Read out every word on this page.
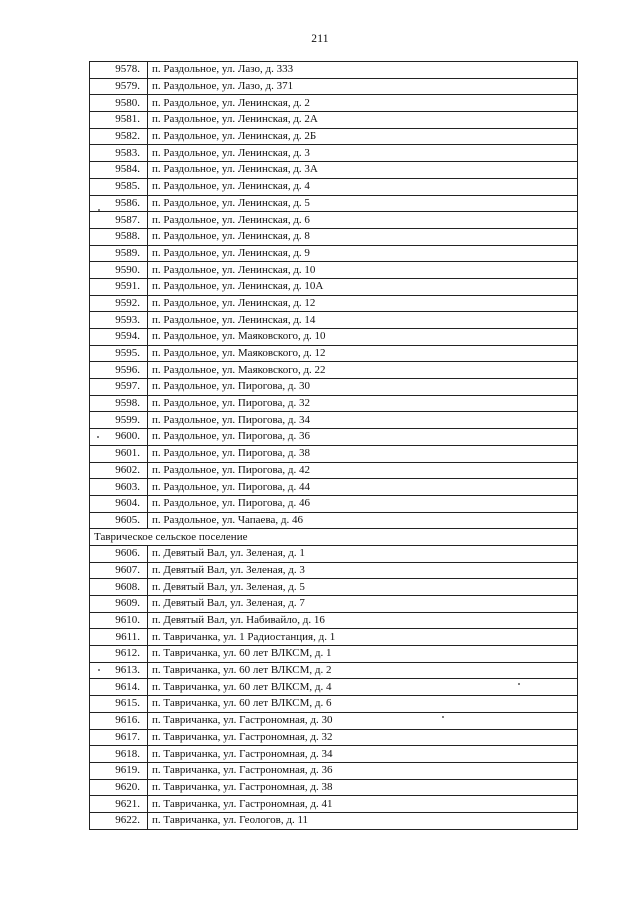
211
9578.	п. Раздольное, ул. Лазо, д. 333
9579.	п. Раздольное, ул. Лазо, д. 371
9580.	п. Раздольное, ул. Ленинская, д. 2
9581.	п. Раздольное, ул. Ленинская, д. 2А
9582.	п. Раздольное, ул. Ленинская, д. 2Б
9583.	п. Раздольное, ул. Ленинская, д. 3
9584.	п. Раздольное, ул. Ленинская, д. 3А
9585.	п. Раздольное, ул. Ленинская, д. 4
9586.	п. Раздольное, ул. Ленинская, д. 5
9587.	п. Раздольное, ул. Ленинская, д. 6
9588.	п. Раздольное, ул. Ленинская, д. 8
9589.	п. Раздольное, ул. Ленинская, д. 9
9590.	п. Раздольное, ул. Ленинская, д. 10
9591.	п. Раздольное, ул. Ленинская, д. 10А
9592.	п. Раздольное, ул. Ленинская, д. 12
9593.	п. Раздольное, ул. Ленинская, д. 14
9594.	п. Раздольное, ул. Маяковского, д. 10
9595.	п. Раздольное, ул. Маяковского, д. 12
9596.	п. Раздольное, ул. Маяковского, д. 22
9597.	п. Раздольное, ул. Пирогова, д. 30
9598.	п. Раздольное, ул. Пирогова, д. 32
9599.	п. Раздольное, ул. Пирогова, д. 34
9600.	п. Раздольное, ул. Пирогова, д. 36
9601.	п. Раздольное, ул. Пирогова, д. 38
9602.	п. Раздольное, ул. Пирогова, д. 42
9603.	п. Раздольное, ул. Пирогова, д. 44
9604.	п. Раздольное, ул. Пирогова, д. 46
9605.	п. Раздольное, ул. Чапаева, д. 46
Таврическое сельское поселение	
9606.	п. Девятый Вал, ул. Зеленая, д. 1
9607.	п. Девятый Вал, ул. Зеленая, д. 3
9608.	п. Девятый Вал, ул. Зеленая, д. 5
9609.	п. Девятый Вал, ул. Зеленая, д. 7
9610.	п. Девятый Вал, ул. Набивайло, д. 16
9611.	п. Тавричанка, ул. 1 Радиостанция, д. 1
9612.	п. Тавричанка, ул. 60 лет ВЛКСМ, д. 1
9613.	п. Тавричанка, ул. 60 лет ВЛКСМ, д. 2
9614.	п. Тавричанка, ул. 60 лет ВЛКСМ, д. 4
9615.	п. Тавричанка, ул. 60 лет ВЛКСМ, д. 6
9616.	п. Тавричанка, ул. Гастрономная, д. 30
9617.	п. Тавричанка, ул. Гастрономная, д. 32
9618.	п. Тавричанка, ул. Гастрономная, д. 34
9619.	п. Тавричанка, ул. Гастрономная, д. 36
9620.	п. Тавричанка, ул. Гастрономная, д. 38
9621.	п. Тавричанка, ул. Гастрономная, д. 41
9622.	п. Тавричанка, ул. Геологов, д. 11
